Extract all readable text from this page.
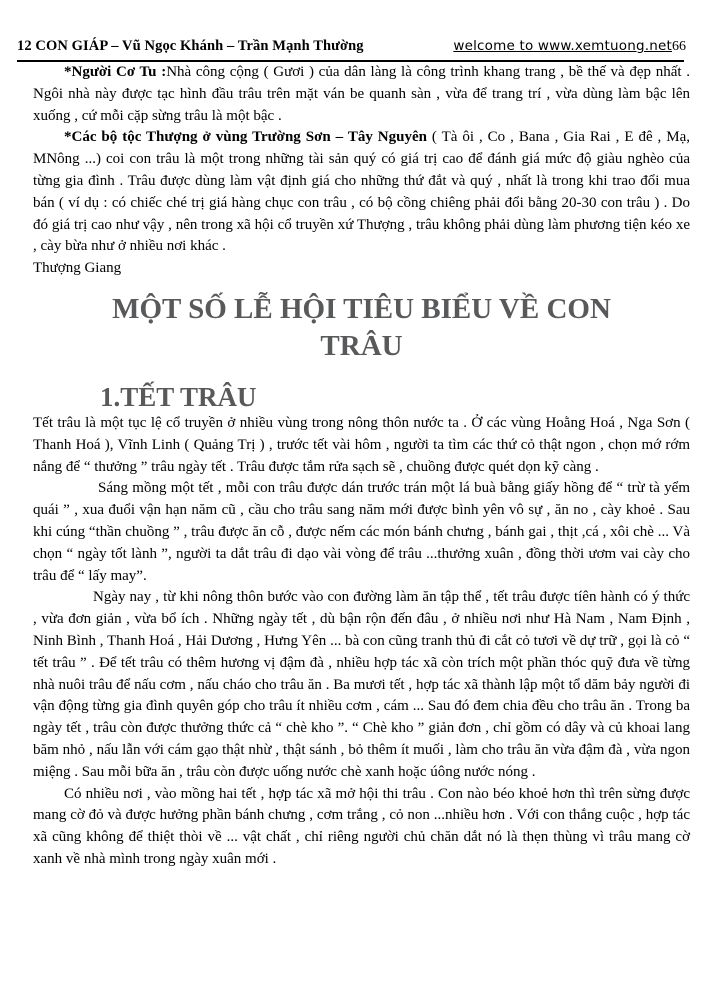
12 CON GIÁP – Vũ Ngọc Khánh – Trần Mạnh Thường	welcome to www.xemtuong.net 66

*Người Cơ Tu :Nhà công cộng ( Gươi ) của dân làng là công trình khang trang , bề thế và đẹp nhất . Ngôi nhà này được tạc hình đầu trâu trên mặt ván be quanh sàn , vừa để trang trí , vừa dùng làm bậc lên xuống , cứ mỗi cặp sừng trâu là một bậc .

*Các bộ tộc Thượng ở vùng Trường Sơn – Tây Nguyên ( Tà ôi , Co , Bana , Gia Rai , E đê , Mạ, MNông ...) coi con trâu là một trong những tài sản quý có giá trị cao để đánh giá mức độ giàu nghèo của từng gia đình . Trâu được dùng làm vật định giá cho những thứ đắt và quý , nhất là trong khi trao đổi mua bán ( ví dụ : có chiếc ché trị giá hàng chục con trâu , có bộ cồng chiêng phải đổi bằng 20-30 con trâu ) . Do đó giá trị cao như vậy , nên trong xã hội cổ truyền xứ Thượng , trâu không phải dùng làm phương tiện kéo xe , cày bừa như ở nhiều nơi khác .

Thượng Giang

MỘT SỐ LỄ HỘI TIÊU BIỂU VỀ CON
TRÂU
1.TẾT TRÂU

Tết trâu là một tục lệ cổ truyền ở nhiều vùng trong nông thôn nước ta . Ở các vùng Hoằng Hoá , Nga Sơn ( Thanh Hoá ), Vĩnh Linh ( Quảng Trị ) , trước tết vài hôm , người ta tìm các thứ cỏ thật ngon , chọn mớ rớm nắng để “ thưởng ” trâu ngày tết . Trâu được tắm rửa sạch sẽ , chuồng được quét dọn kỹ càng .

Sáng mồng một tết , mỗi con trâu được dán trước trán một lá buà bằng giấy hồng để “ trừ tà yểm quái ” , xua đuổi vận hạn năm cũ , cầu cho trâu sang năm mới được bình yên vô sự , ăn no , cày khoẻ . Sau khi cúng “thần chuồng ” , trâu được ăn cỗ , được nếm các món bánh chưng , bánh gai , thịt ,cá , xôi chè ... Và chọn “ ngày tốt lành ”, người ta dắt trâu đi dạo vài vòng để trâu ...thưởng xuân , đồng thời ươm vai cày cho trâu để “ lấy may”.

Ngày nay , từ khi nông thôn bước vào con đường làm ăn tập thể , tết trâu được tíên hành có ý thức , vừa đơn giản , vừa bổ ích . Những ngày tết , dù bận rộn đến đâu , ở nhiều nơi như Hà Nam , Nam Định , Ninh Bình , Thanh Hoá , Hải Dương , Hưng Yên ... bà con cũng tranh thủ đi cắt cỏ tươi về dự trữ , gọi là cỏ “ tết trâu ” . Để tết trâu có thêm hương vị đậm đà , nhiều hợp tác xã còn trích một phần thóc quỹ đưa về từng nhà nuôi trâu để nấu cơm , nấu cháo cho trâu ăn . Ba mươi tết , hợp tác xã thành lập một tổ dăm bảy người đi vận động từng gia đình quyên góp cho trâu ít nhiều cơm , cám ... Sau đó đem chia đều cho trâu ăn . Trong ba ngày tết , trâu còn được thưởng thức cả “ chè kho ”. “ Chè kho ” giản đơn , chỉ gồm có dây và củ khoai lang băm nhỏ , nấu lẫn với cám gạo thật nhừ , thật sánh , bỏ thêm ít muối , làm cho trâu ăn vừa đậm đà , vừa ngon miệng . Sau mỗi bữa ăn , trâu còn được uống nước chè xanh hoặc úông nước nóng .

Có nhiều nơi , vào mồng hai tết , hợp tác xã mở hội thi trâu . Con nào béo khoẻ hơn thì trên sừng được mang cờ đỏ và được hưởng phần bánh chưng , cơm trắng , cỏ non ...nhiều hơn . Với con thắng cuộc , hợp tác xã cũng không để thiệt thòi về ... vật chất , chỉ riêng người chủ chăn dắt nó là thẹn thùng vì trâu mang cờ xanh về nhà mình trong ngày xuân mới .
